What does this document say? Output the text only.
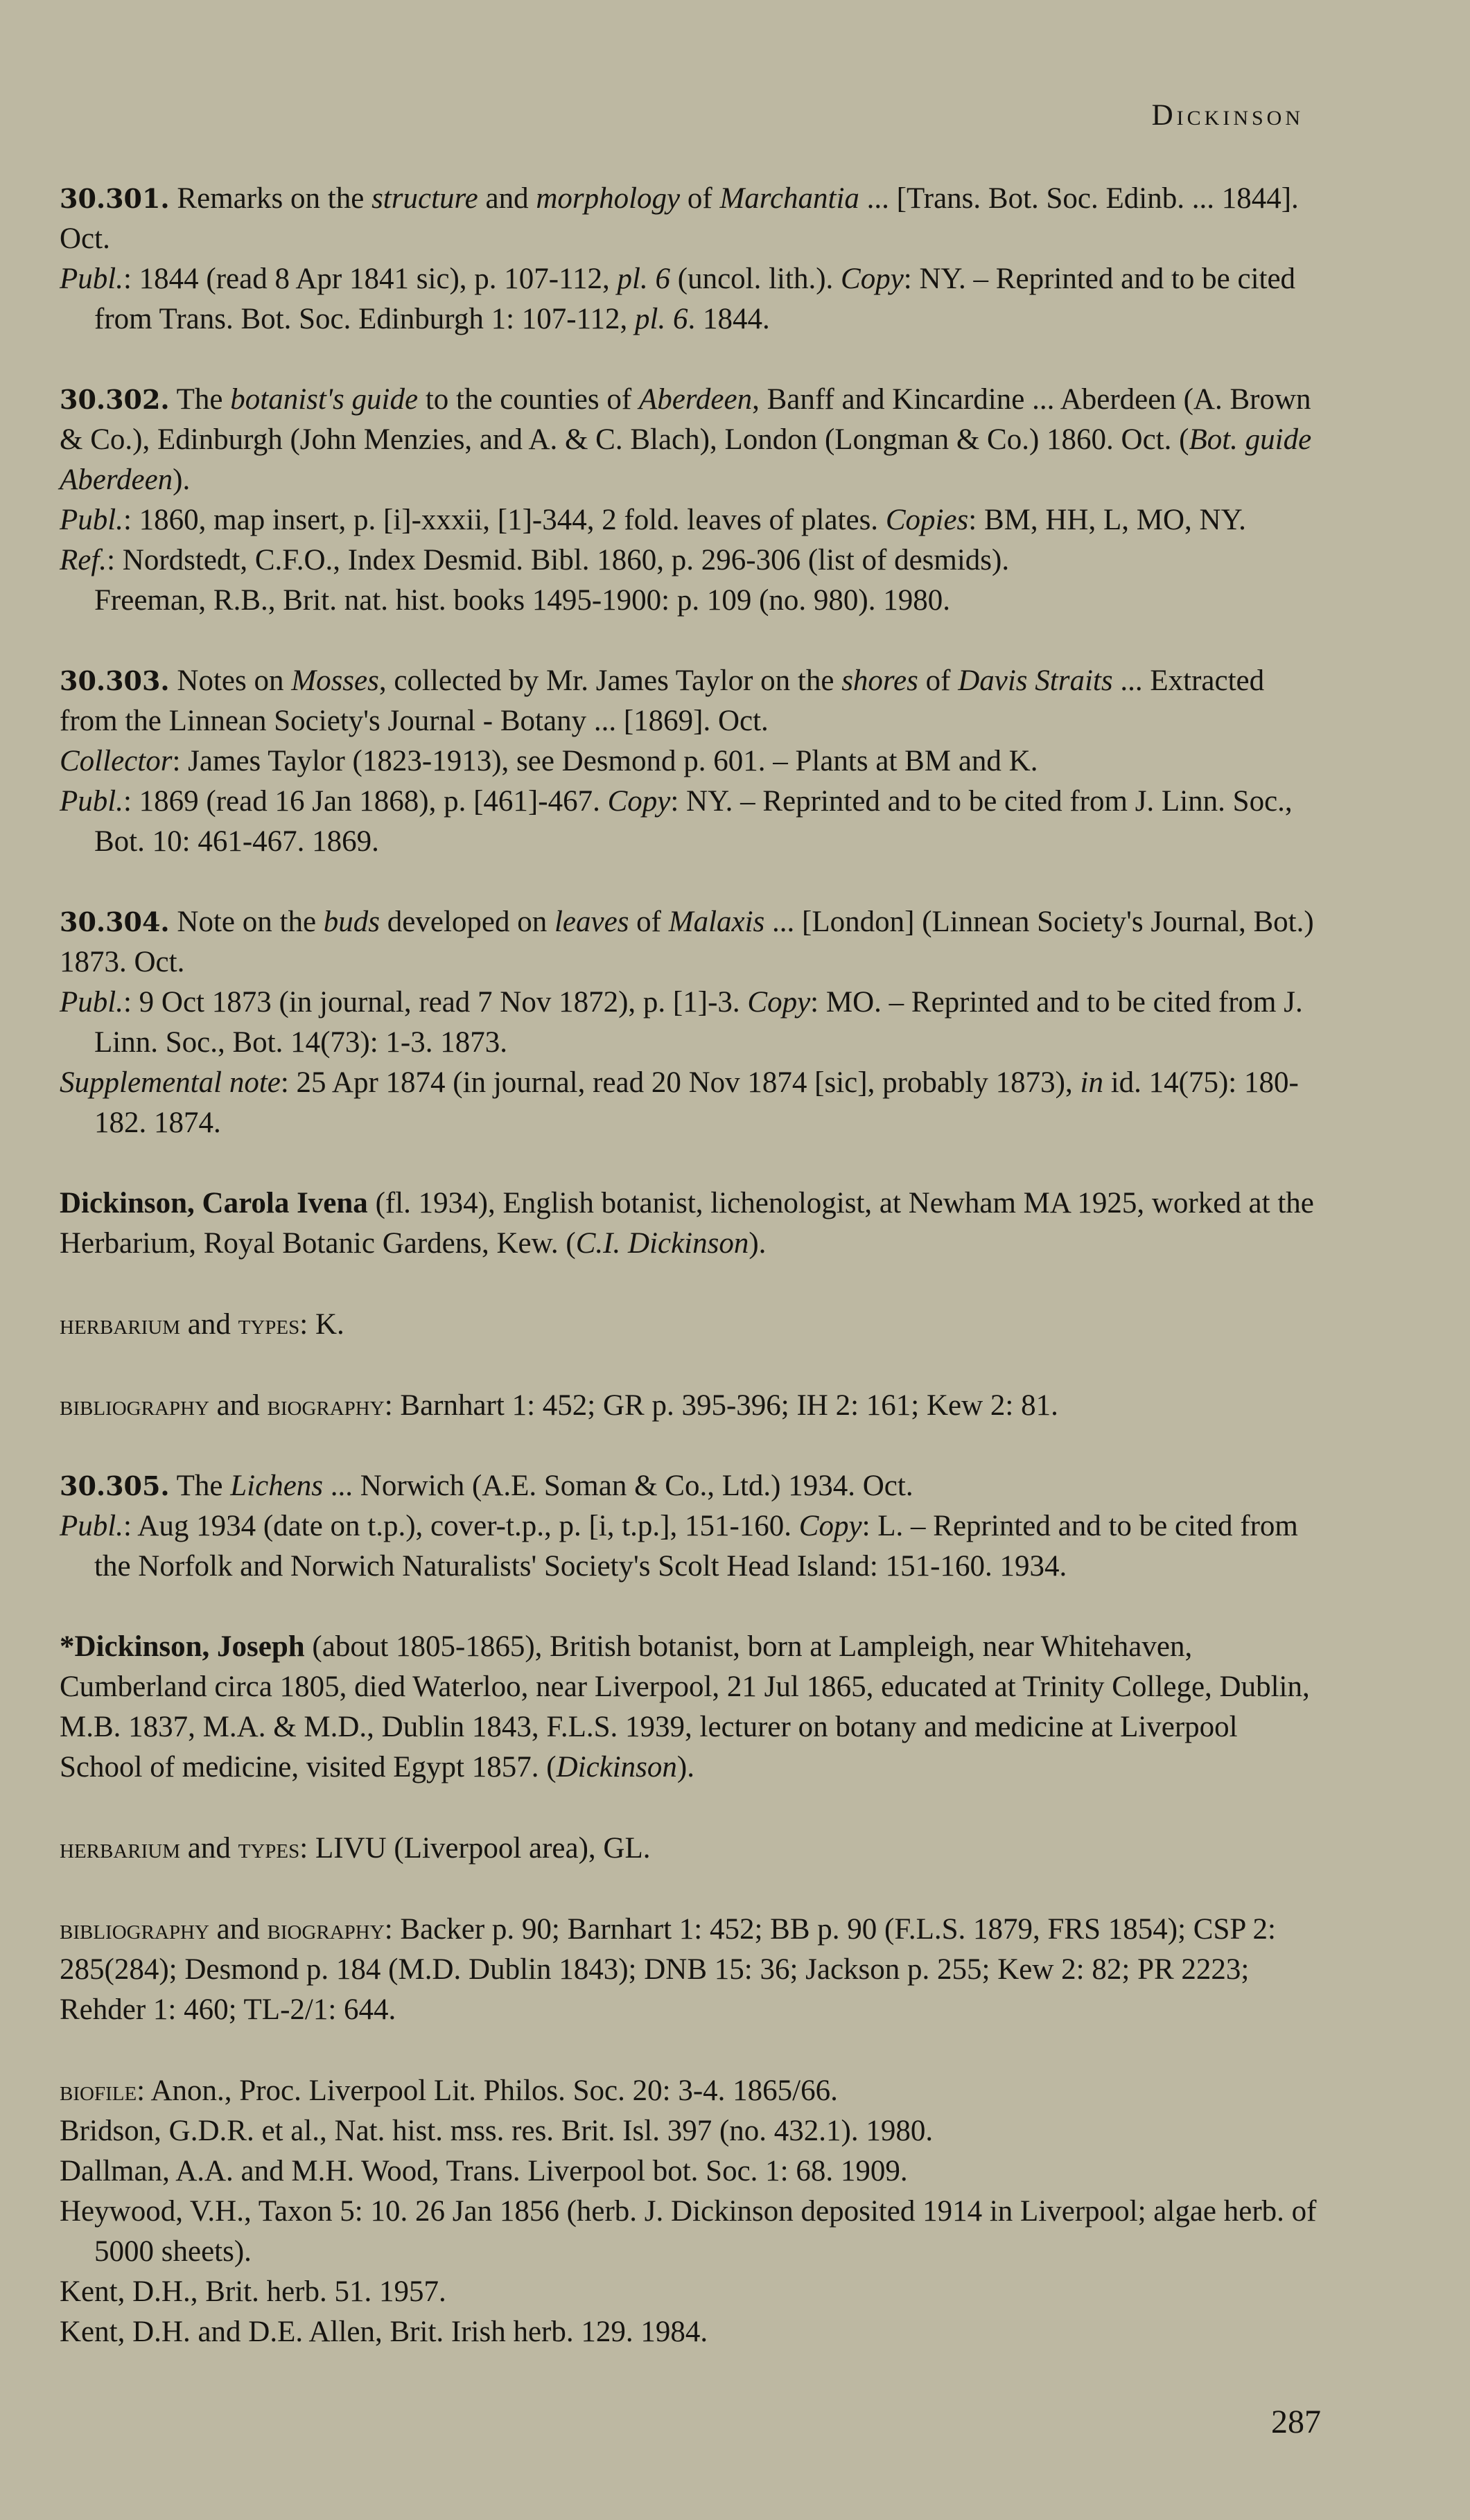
Dickinson

30.301. Remarks on the structure and morphology of Marchantia ... [Trans. Bot. Soc. Edinb. ... 1844]. Oct.

Publ.: 1844 (read 8 Apr 1841 sic), p. 107-112, pl. 6 (uncol. lith.). Copy: NY. – Reprinted and to be cited from Trans. Bot. Soc. Edinburgh 1: 107-112, pl. 6. 1844.

30.302. The botanist's guide to the counties of Aberdeen, Banff and Kincardine ... Aberdeen (A. Brown & Co.), Edinburgh (John Menzies, and A. & C. Blach), London (Longman & Co.) 1860. Oct. (Bot. guide Aberdeen).

Publ.: 1860, map insert, p. [i]-xxxii, [1]-344, 2 fold. leaves of plates. Copies: BM, HH, L, MO, NY.

Ref.: Nordstedt, C.F.O., Index Desmid. Bibl. 1860, p. 296-306 (list of desmids).

Freeman, R.B., Brit. nat. hist. books 1495-1900: p. 109 (no. 980). 1980.

30.303. Notes on Mosses, collected by Mr. James Taylor on the shores of Davis Straits ... Extracted from the Linnean Society's Journal - Botany ... [1869]. Oct.

Collector: James Taylor (1823-1913), see Desmond p. 601. – Plants at BM and K.

Publ.: 1869 (read 16 Jan 1868), p. [461]-467. Copy: NY. – Reprinted and to be cited from J. Linn. Soc., Bot. 10: 461-467. 1869.

30.304. Note on the buds developed on leaves of Malaxis ... [London] (Linnean Society's Journal, Bot.) 1873. Oct.

Publ.: 9 Oct 1873 (in journal, read 7 Nov 1872), p. [1]-3. Copy: MO. – Reprinted and to be cited from J. Linn. Soc., Bot. 14(73): 1-3. 1873.

Supplemental note: 25 Apr 1874 (in journal, read 20 Nov 1874 [sic], probably 1873), in id. 14(75): 180-182. 1874.

Dickinson, Carola Ivena (fl. 1934), English botanist, lichenologist, at Newham MA 1925, worked at the Herbarium, Royal Botanic Gardens, Kew. (C.I. Dickinson).

herbarium and types: K.

bibliography and biography: Barnhart 1: 452; GR p. 395-396; IH 2: 161; Kew 2: 81.

30.305. The Lichens ... Norwich (A.E. Soman & Co., Ltd.) 1934. Oct.

Publ.: Aug 1934 (date on t.p.), cover-t.p., p. [i, t.p.], 151-160. Copy: L. – Reprinted and to be cited from the Norfolk and Norwich Naturalists' Society's Scolt Head Island: 151-160. 1934.

*Dickinson, Joseph (about 1805-1865), British botanist, born at Lampleigh, near Whitehaven, Cumberland circa 1805, died Waterloo, near Liverpool, 21 Jul 1865, educated at Trinity College, Dublin, M.B. 1837, M.A. & M.D., Dublin 1843, F.L.S. 1939, lecturer on botany and medicine at Liverpool School of medicine, visited Egypt 1857. (Dickinson).

herbarium and types: LIVU (Liverpool area), GL.

bibliography and biography: Backer p. 90; Barnhart 1: 452; BB p. 90 (F.L.S. 1879, FRS 1854); CSP 2: 285(284); Desmond p. 184 (M.D. Dublin 1843); DNB 15: 36; Jackson p. 255; Kew 2: 82; PR 2223; Rehder 1: 460; TL-2/1: 644.

biofile: Anon., Proc. Liverpool Lit. Philos. Soc. 20: 3-4. 1865/66.

Bridson, G.D.R. et al., Nat. hist. mss. res. Brit. Isl. 397 (no. 432.1). 1980.

Dallman, A.A. and M.H. Wood, Trans. Liverpool bot. Soc. 1: 68. 1909.

Heywood, V.H., Taxon 5: 10. 26 Jan 1856 (herb. J. Dickinson deposited 1914 in Liverpool; algae herb. of 5000 sheets).

Kent, D.H., Brit. herb. 51. 1957.

Kent, D.H. and D.E. Allen, Brit. Irish herb. 129. 1984.

287
